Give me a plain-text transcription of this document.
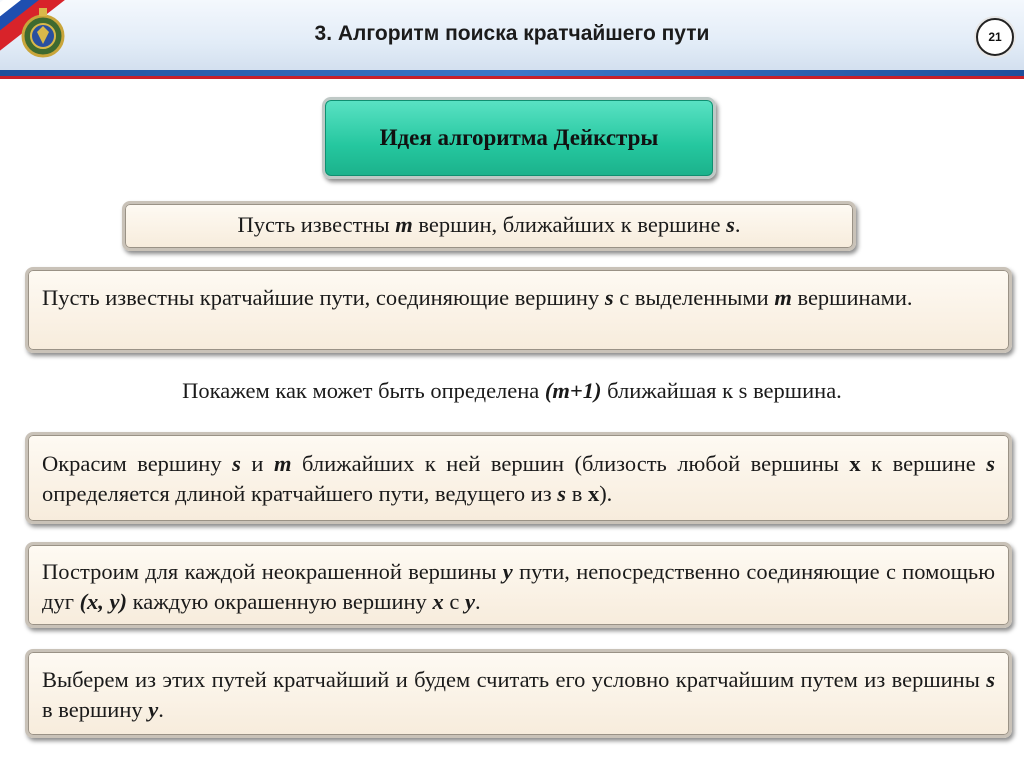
3. Алгоритм поиска кратчайшего пути	21
Идея алгоритма Дейкстры
Пусть известны m вершин, ближайших к вершине s.
Пусть известны кратчайшие пути, соединяющие вершину s с выделенными m вершинами.
Покажем как может быть определена (m+1) ближайшая к s вершина.
Окрасим вершину s и m ближайших к ней вершин (близость любой вершины x к вершине s определяется длиной кратчайшего пути, ведущего из s в x).
Построим для каждой неокрашенной вершины y пути, непосредственно соединяющие с помощью дуг (x, y) каждую окрашенную вершину x с y.
Выберем из этих путей кратчайший и будем считать его условно кратчайшим путем из вершины s в вершину y.
